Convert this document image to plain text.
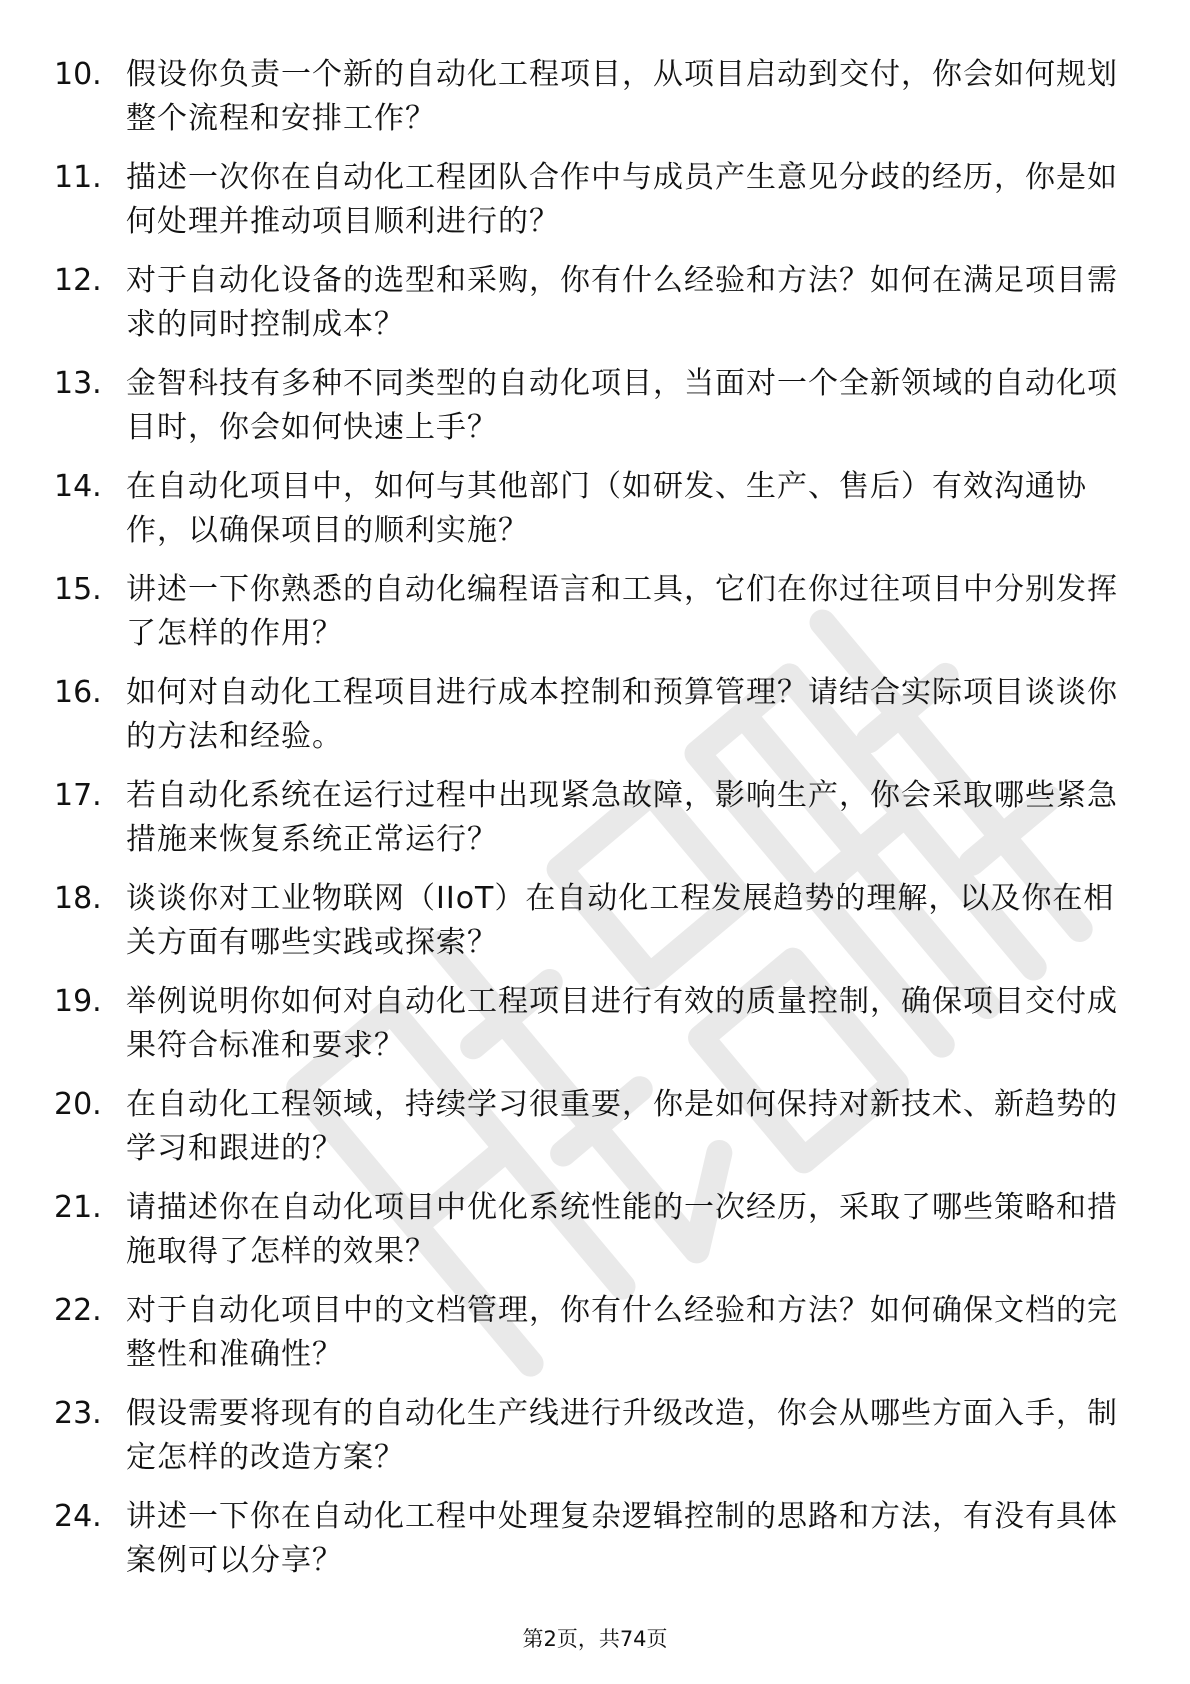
10. 假设你负责一个新的自动化工程项目，从项目启动到交付，你会如何规划整个流程和安排工作？
11. 描述一次你在自动化工程团队合作中与成员产生意见分歧的经历，你是如何处理并推动项目顺利进行的？
12. 对于自动化设备的选型和采购，你有什么经验和方法？如何在满足项目需求的同时控制成本？
13. 金智科技有多种不同类型的自动化项目，当面对一个全新领域的自动化项目时，你会如何快速上手？
14. 在自动化项目中，如何与其他部门（如研发、生产、售后）有效沟通协作，以确保项目的顺利实施？
15. 讲述一下你熟悉的自动化编程语言和工具，它们在你过往项目中分别发挥了怎样的作用？
16. 如何对自动化工程项目进行成本控制和预算管理？请结合实际项目谈谈你的方法和经验。
17. 若自动化系统在运行过程中出现紧急故障，影响生产，你会采取哪些紧急措施来恢复系统正常运行？
18. 谈谈你对工业物联网（IIoT）在自动化工程发展趋势的理解，以及你在相关方面有哪些实践或探索？
19. 举例说明你如何对自动化工程项目进行有效的质量控制，确保项目交付成果符合标准和要求？
20. 在自动化工程领域，持续学习很重要，你是如何保持对新技术、新趋势的学习和跟进的？
21. 请描述你在自动化项目中优化系统性能的一次经历，采取了哪些策略和措施取得了怎样的效果？
22. 对于自动化项目中的文档管理，你有什么经验和方法？如何确保文档的完整性和准确性？
23. 假设需要将现有的自动化生产线进行升级改造，你会从哪些方面入手，制定怎样的改造方案？
24. 讲述一下你在自动化工程中处理复杂逻辑控制的思路和方法，有没有具体案例可以分享？
第2页，共74页
